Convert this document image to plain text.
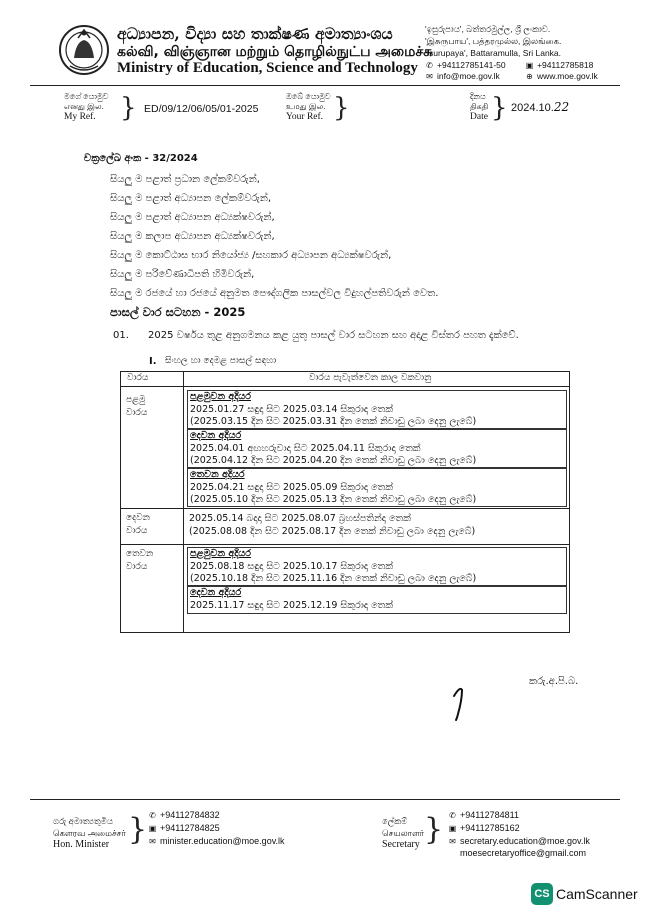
අධ්‍යාපන, විද්‍යා සහ තාක්ෂණ අමාත්‍යාංශය
கல்வி, விஞ்ஞான மற்றும் தொழில்நுட்ப அமைச்சு
Ministry of Education, Science and Technology
'ඉසුරුපාය', බත්තරමුල්ල, ශ්‍රී ලංකාව.
'இசுருபாய', பத்தரமுல்ல, இலங்கை.
'Isurupaya', Battaramulla, Sri Lanka.
✆ +94112785141-50	▣ +94112785818
✉ info@moe.gov.lk	⊕ www.moe.gov.lk
මගේ යොමුව
எனது இல.
My Ref. } ED/09/12/06/05/01-2025
ඔබේ යොමුව
உமது இல.
Your Ref. }	දිනය
திகதி
Date } 2024.10.22
චක්‍රලේඛ අංක - 32/2024
සියලු ම පළාත් ප්‍රධාන ලේකම්වරුන්,
සියලු ම පළාත් අධ්‍යාපන ලේකම්වරුන්,
සියලු ම පළාත් අධ්‍යාපන අධ්‍යක්ෂවරුන්,
සියලු ම කලාප අධ්‍යාපන අධ්‍යක්ෂවරුන්,
සියලු ම කොට්ඨාස භාර නියෝජ්‍ය /සහකාර අධ්‍යාපන අධ්‍යක්ෂවරුන්,
සියලු ම පරිවේණාධිපති හිමිවරුන්,
සියලු ම රජයේ හා රජයේ අනුමත පෞද්ගලික පාසල්වල විදුහල්පතිවරුන් වෙත.
පාසල් වාර සටහන - 2025
01. 2025 වර්ෂය තුළ අනුගමනය කළ යුතු පාසල් වාර සටහන සහ අදාළ විස්තර පහත දැක්වේ.
I. සිංහල හා දෙමළ පාසල් සඳහා
වාරය	වාරය පැවැත්වෙන කාල වකවානු
පළමු
වාරය
පළමුවන අදියර
2025.01.27 සඳුදා සිට 2025.03.14 සිකුරාදා තෙක්
(2025.03.15 දින සිට 2025.03.31 දින තෙක් නිවාඩු ලබා දෙනු ලැබේ)
දෙවන අදියර
2025.04.01 අඟහරුවාදා සිට 2025.04.11 සිකුරාදා තෙක්
(2025.04.12 දින සිට 2025.04.20 දින තෙක් නිවාඩු ලබා දෙනු ලැබේ)
තෙවන අදියර
2025.04.21 සඳුදා සිට 2025.05.09 සිකුරාදා තෙක්
(2025.05.10 දින සිට 2025.05.13 දින තෙක් නිවාඩු ලබා දෙනු ලැබේ)
දෙවන
වාරය
2025.05.14 බදාදා සිට 2025.08.07 බ්‍රහස්පතින්දා තෙක්
(2025.08.08 දින සිට 2025.08.17 දින තෙක් නිවාඩු ලබා දෙනු ලැබේ)
තෙවන
වාරය
පළමුවන අදියර
2025.08.18 සඳුදා සිට 2025.10.17 සිකුරාදා තෙක්
(2025.10.18 දින සිට 2025.11.16 දින තෙක් නිවාඩු ලබා දෙනු ලැබේ)
දෙවන අදියර
2025.11.17 සඳුදා සිට 2025.12.19 සිකුරාදා තෙක්
කරු.අ.පි.බ.
ගරු අමාත්‍යතුමිය
கௌரவ அமைச்சர்
Hon. Minister } ✆ +94112784832
▣ +94112784825
✉ minister.education@moe.gov.lk
ලේකම්
செயலாளர்
Secretary } ✆ +94112784811
▣ +94112785162
✉ secretary.education@moe.gov.lk
moesecretaryoffice@gmail.com
CS CamScanner
